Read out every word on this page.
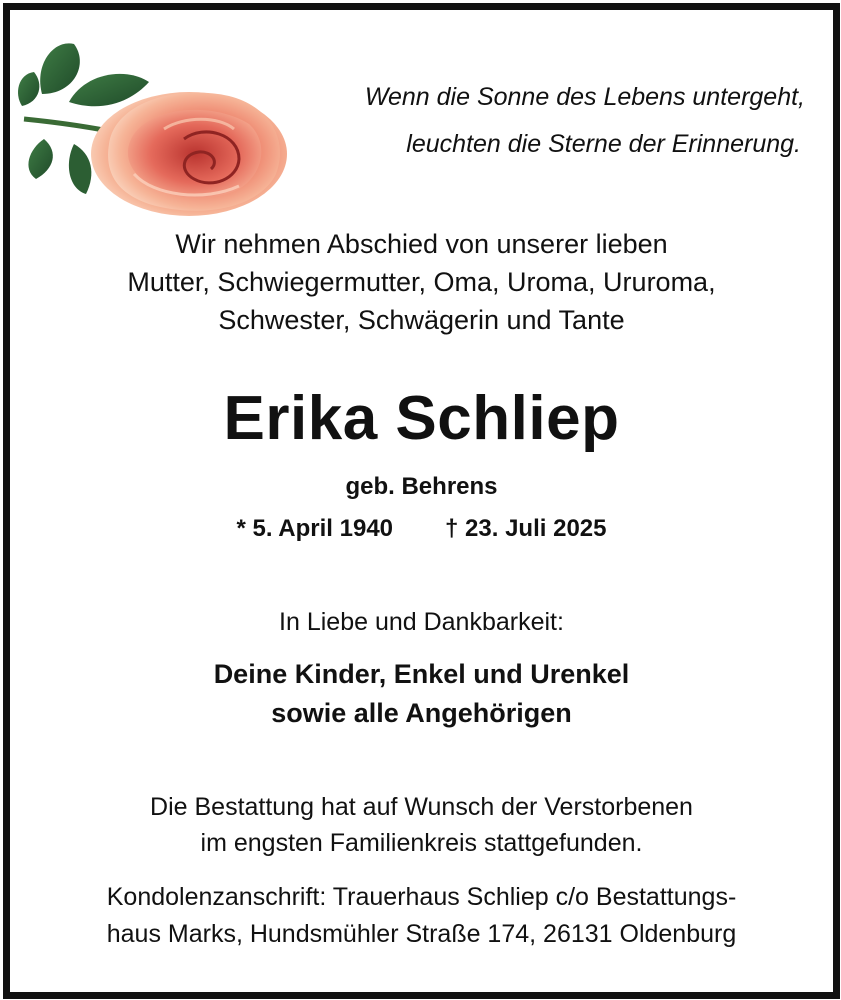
Wenn die Sonne des Lebens untergeht,
leuchten die Sterne der Erinnerung.
Wir nehmen Abschied von unserer lieben
Mutter, Schwiegermutter, Oma, Uroma, Ururoma,
Schwester, Schwägerin und Tante
Erika Schliep
geb. Behrens
* 5. April 1940 † 23. Juli 2025
In Liebe und Dankbarkeit:
Deine Kinder, Enkel und Urenkel
sowie alle Angehörigen
Die Bestattung hat auf Wunsch der Verstorbenen
im engsten Familienkreis stattgefunden.
Kondolenzanschrift: Trauerhaus Schliep c/o Bestattungs-
haus Marks, Hundsmühler Straße 174, 26131 Oldenburg
